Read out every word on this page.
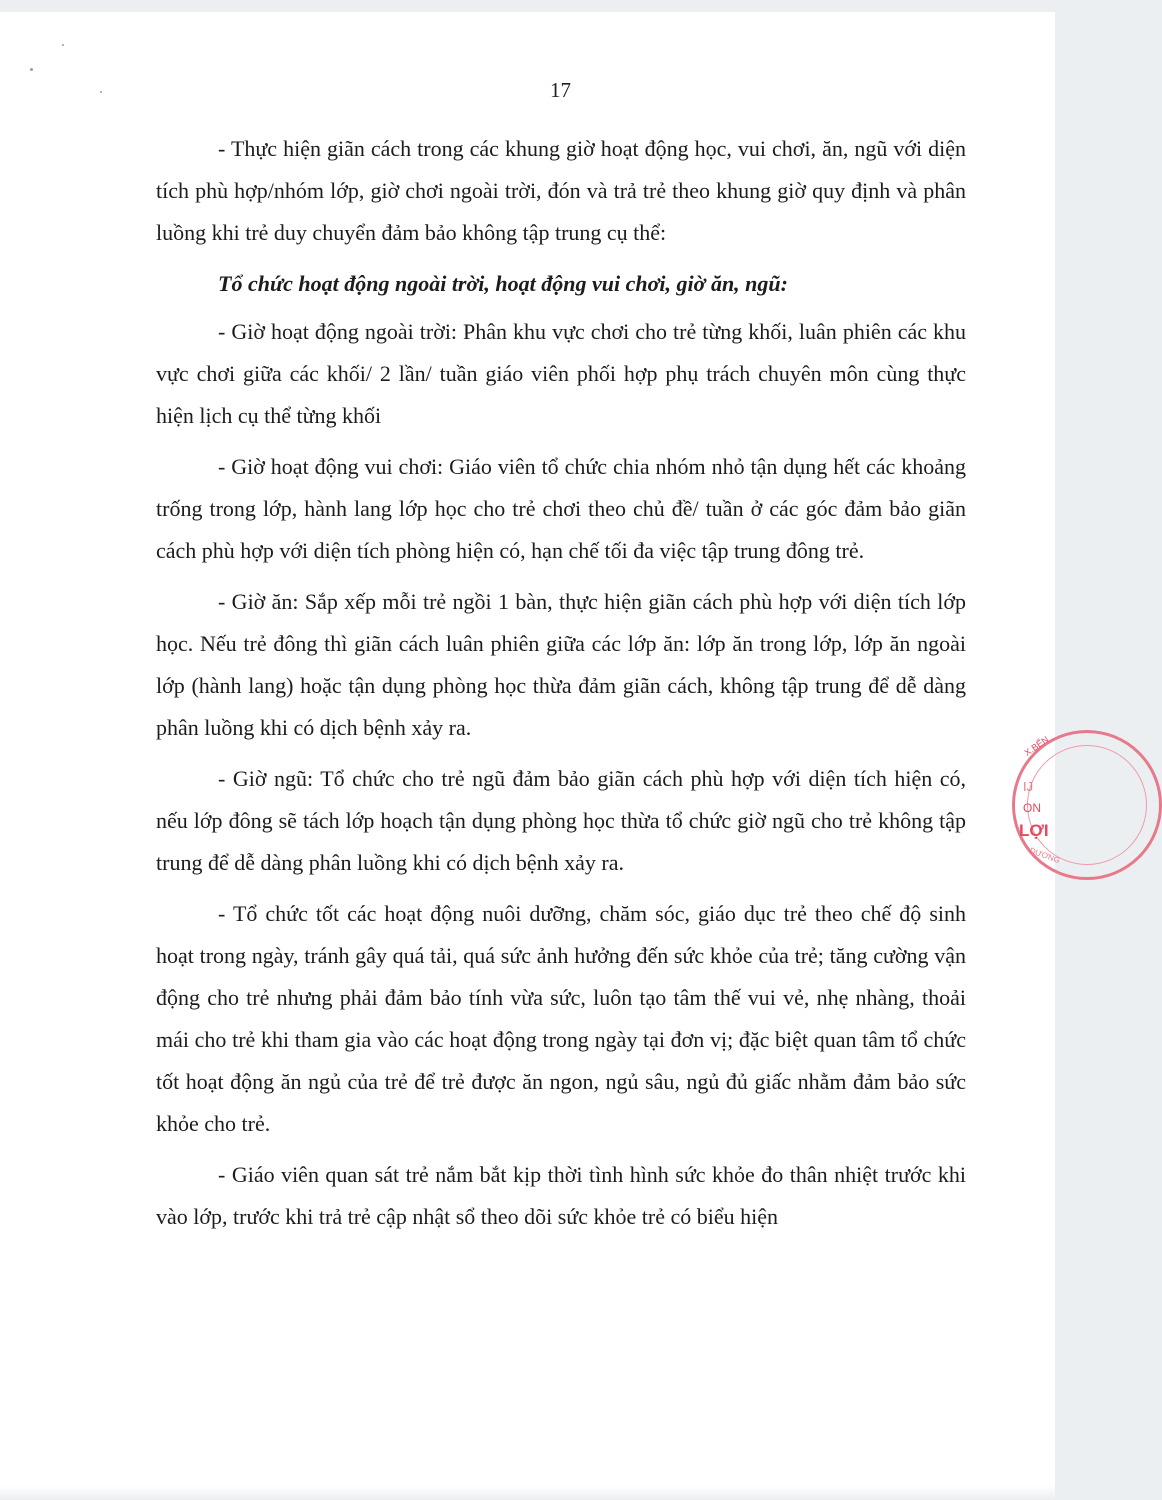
17

- Thực hiện giãn cách trong các khung giờ hoạt động học, vui chơi, ăn, ngũ với diện tích phù hợp/nhóm lớp, giờ chơi ngoài trời, đón và trả trẻ theo khung giờ quy định và phân luồng khi trẻ duy chuyển đảm bảo không tập trung cụ thể:

Tổ chức hoạt động ngoài trời, hoạt động vui chơi, giờ ăn, ngũ:

- Giờ hoạt động ngoài trời: Phân khu vực chơi cho trẻ từng khối, luân phiên các khu vực chơi giữa các khối/ 2 lần/ tuần giáo viên phối hợp phụ trách chuyên môn cùng thực hiện lịch cụ thể từng khối

- Giờ hoạt động vui chơi: Giáo viên tổ chức chia nhóm nhỏ tận dụng hết các khoảng trống trong lớp, hành lang lớp học cho trẻ chơi theo chủ đề/ tuần ở các góc đảm bảo giãn cách phù hợp với diện tích phòng hiện có, hạn chế tối đa việc tập trung đông trẻ.

- Giờ ăn: Sắp xếp mỗi trẻ ngồi 1 bàn, thực hiện giãn cách phù hợp với diện tích lớp học. Nếu trẻ đông thì giãn cách luân phiên giữa các lớp ăn: lớp ăn trong lớp, lớp ăn ngoài lớp (hành lang) hoặc tận dụng phòng học thừa đảm giãn cách, không tập trung để dễ dàng phân luồng khi có dịch bệnh xảy ra.

- Giờ ngũ: Tổ chức cho trẻ ngũ đảm bảo giãn cách phù hợp với diện tích hiện có, nếu lớp đông sẽ tách lớp hoạch tận dụng phòng học thừa tổ chức giờ ngũ cho trẻ không tập trung để dễ dàng phân luồng khi có dịch bệnh xảy ra.

- Tổ chức tốt các hoạt động nuôi dưỡng, chăm sóc, giáo dục trẻ theo chế độ sinh hoạt trong ngày, tránh gây quá tải, quá sức ảnh hưởng đến sức khỏe của trẻ; tăng cường vận động cho trẻ nhưng phải đảm bảo tính vừa sức, luôn tạo tâm thế vui vẻ, nhẹ nhàng, thoải mái cho trẻ khi tham gia vào các hoạt động trong ngày tại đơn vị; đặc biệt quan tâm tổ chức tốt hoạt động ăn ngủ của trẻ để trẻ được ăn ngon, ngủ sâu, ngủ đủ giấc nhằm đảm bảo sức khỏe cho trẻ.

- Giáo viên quan sát trẻ nắm bắt kịp thời tình hình sức khỏe đo thân nhiệt trước khi vào lớp, trước khi trả trẻ cập nhật sổ theo dõi sức khỏe trẻ có biểu hiện

X.BẾN
IJ
ON
LỢI
DƯƠNG
